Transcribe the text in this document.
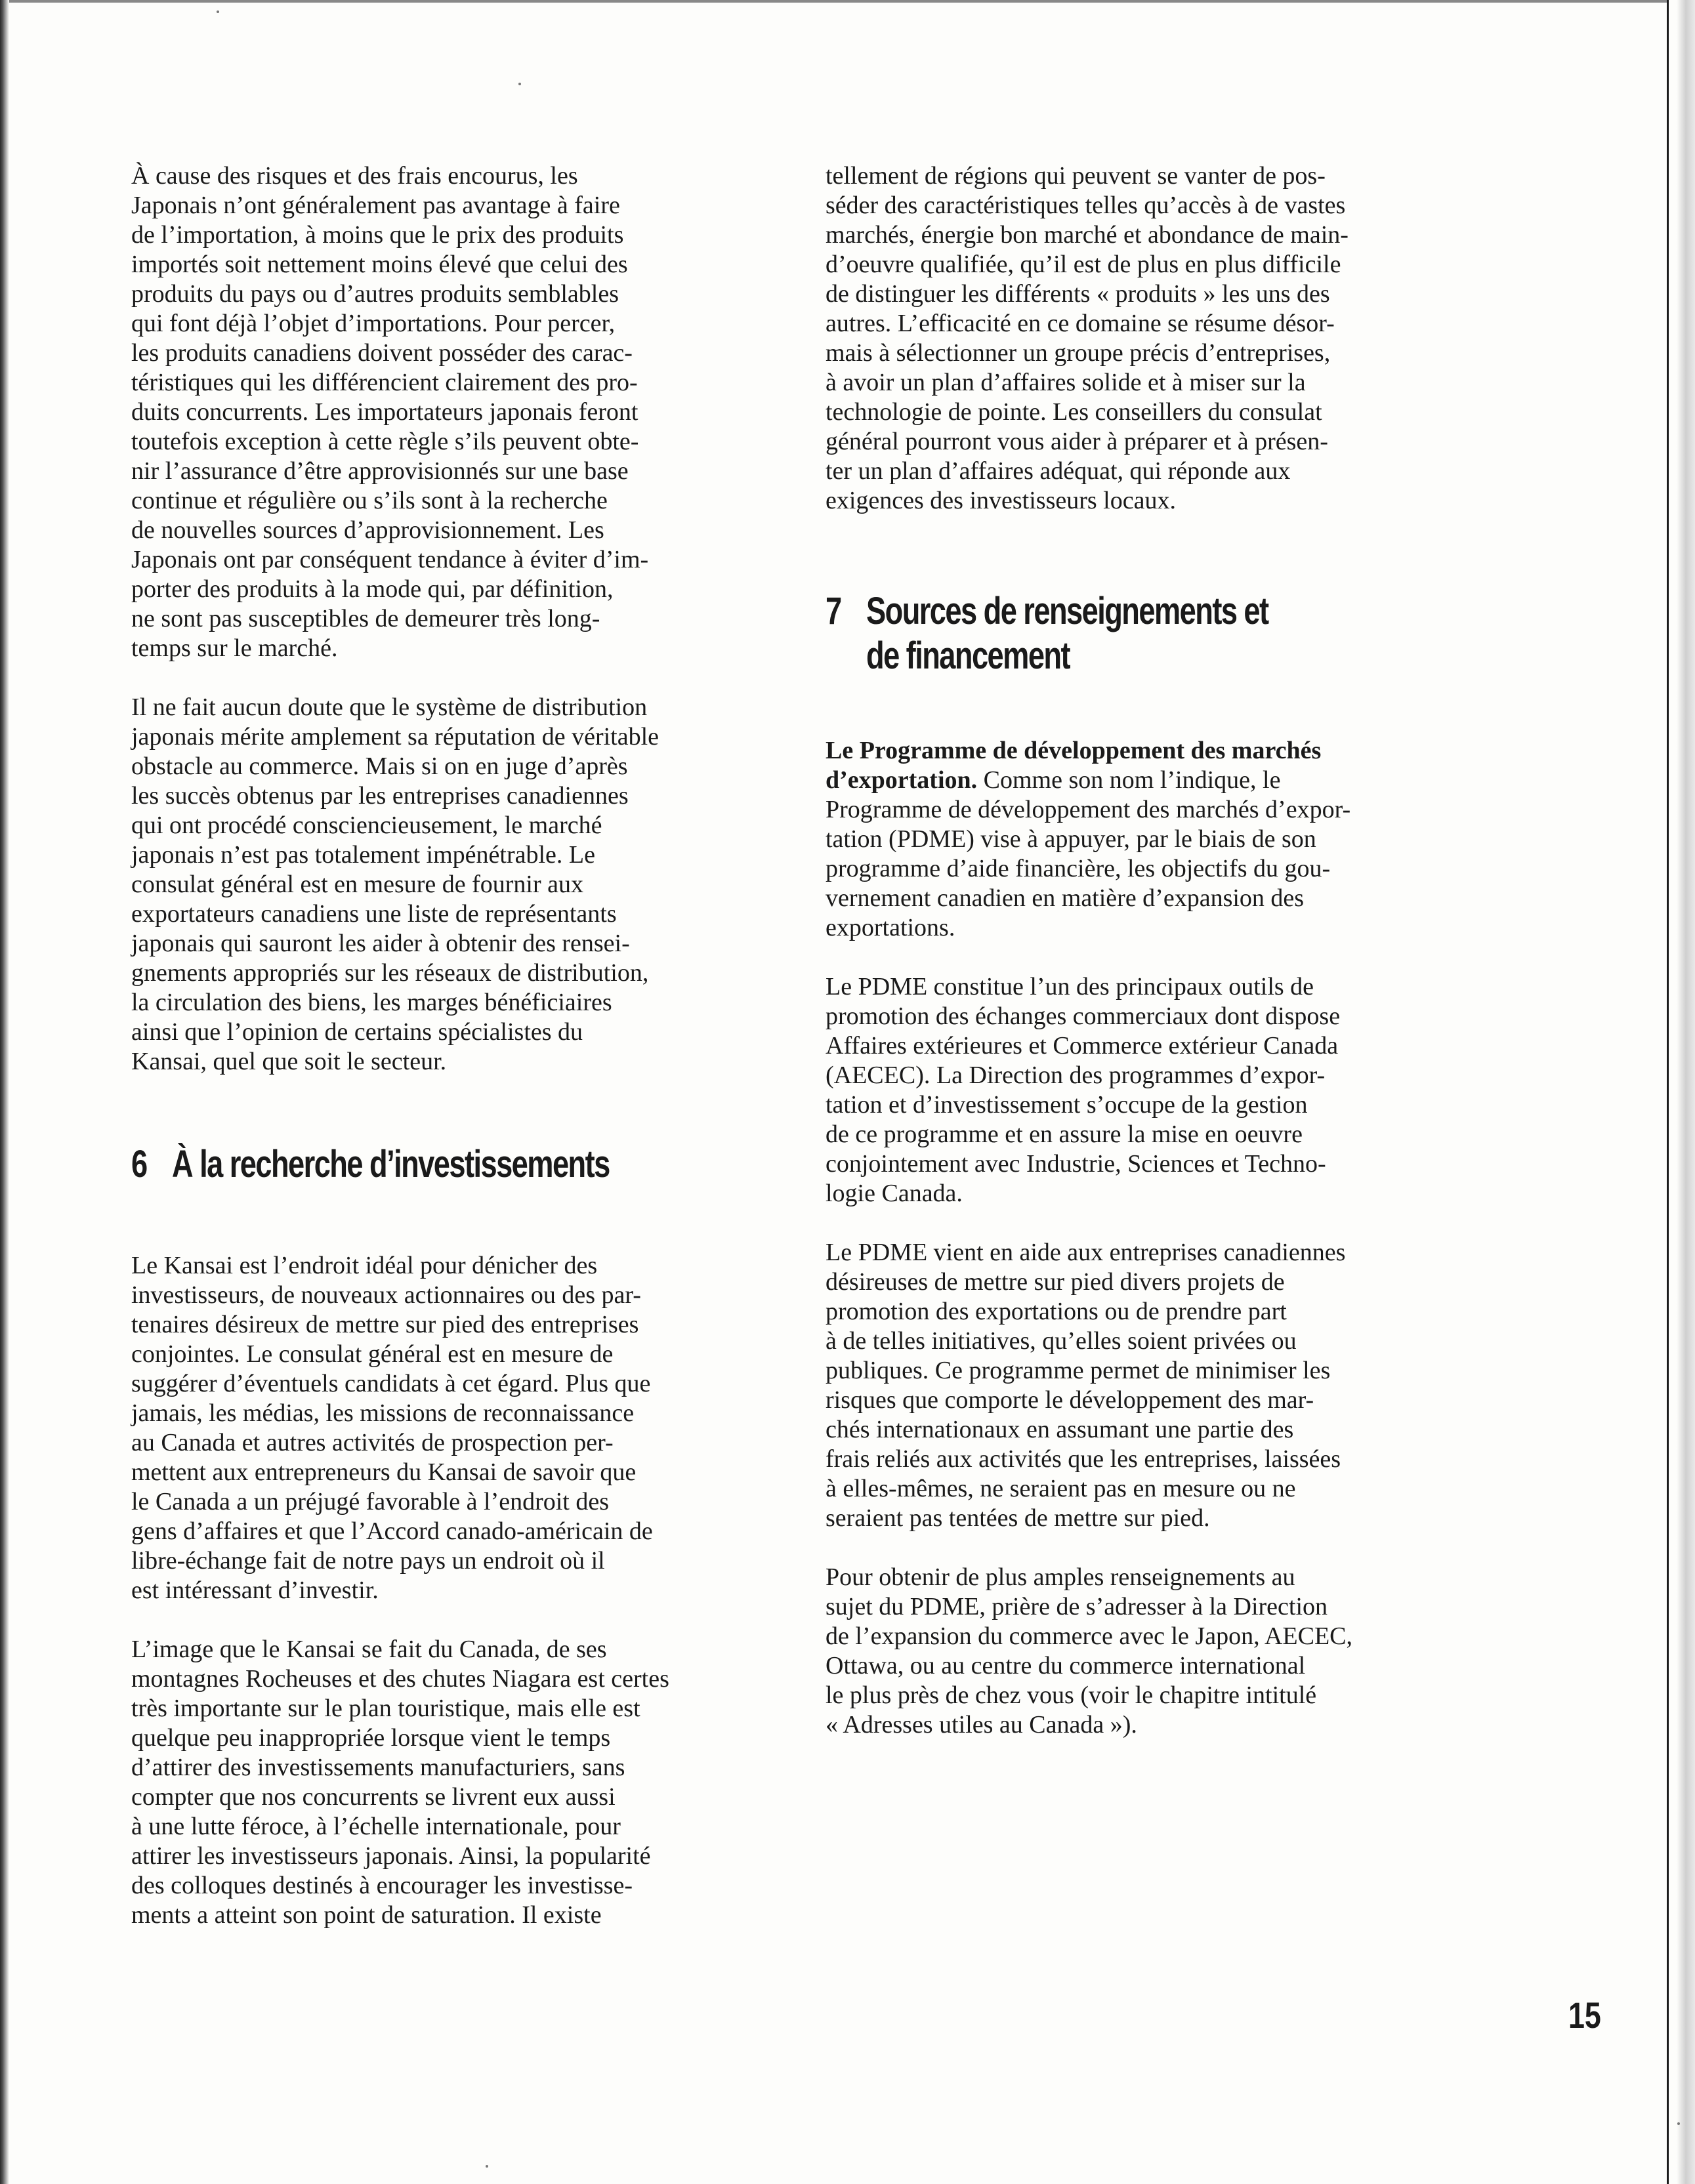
À cause des risques et des frais encourus, les
Japonais n’ont généralement pas avantage à faire
de l’importation, à moins que le prix des produits
importés soit nettement moins élevé que celui des
produits du pays ou d’autres produits semblables
qui font déjà l’objet d’importations. Pour percer,
les produits canadiens doivent posséder des carac-
téristiques qui les différencient clairement des pro-
duits concurrents. Les importateurs japonais feront
toutefois exception à cette règle s’ils peuvent obte-
nir l’assurance d’être approvisionnés sur une base
continue et régulière ou s’ils sont à la recherche
de nouvelles sources d’approvisionnement. Les
Japonais ont par conséquent tendance à éviter d’im-
porter des produits à la mode qui, par définition,
ne sont pas susceptibles de demeurer très long-
temps sur le marché.

Il ne fait aucun doute que le système de distribution
japonais mérite amplement sa réputation de véritable
obstacle au commerce. Mais si on en juge d’après
les succès obtenus par les entreprises canadiennes
qui ont procédé consciencieusement, le marché
japonais n’est pas totalement impénétrable. Le
consulat général est en mesure de fournir aux
exportateurs canadiens une liste de représentants
japonais qui sauront les aider à obtenir des rensei-
gnements appropriés sur les réseaux de distribution,
la circulation des biens, les marges bénéficiaires
ainsi que l’opinion de certains spécialistes du
Kansai, quel que soit le secteur.

6 À la recherche d’investissements

Le Kansai est l’endroit idéal pour dénicher des
investisseurs, de nouveaux actionnaires ou des par-
tenaires désireux de mettre sur pied des entreprises
conjointes. Le consulat général est en mesure de
suggérer d’éventuels candidats à cet égard. Plus que
jamais, les médias, les missions de reconnaissance
au Canada et autres activités de prospection per-
mettent aux entrepreneurs du Kansai de savoir que
le Canada a un préjugé favorable à l’endroit des
gens d’affaires et que l’Accord canado-américain de
libre-échange fait de notre pays un endroit où il
est intéressant d’investir.

L’image que le Kansai se fait du Canada, de ses
montagnes Rocheuses et des chutes Niagara est certes
très importante sur le plan touristique, mais elle est
quelque peu inappropriée lorsque vient le temps
d’attirer des investissements manufacturiers, sans
compter que nos concurrents se livrent eux aussi
à une lutte féroce, à l’échelle internationale, pour
attirer les investisseurs japonais. Ainsi, la popularité
des colloques destinés à encourager les investisse-
ments a atteint son point de saturation. Il existe

tellement de régions qui peuvent se vanter de pos-
séder des caractéristiques telles qu’accès à de vastes
marchés, énergie bon marché et abondance de main-
d’oeuvre qualifiée, qu’il est de plus en plus difficile
de distinguer les différents « produits » les uns des
autres. L’efficacité en ce domaine se résume désor-
mais à sélectionner un groupe précis d’entreprises,
à avoir un plan d’affaires solide et à miser sur la
technologie de pointe. Les conseillers du consulat
général pourront vous aider à préparer et à présen-
ter un plan d’affaires adéquat, qui réponde aux
exigences des investisseurs locaux.

7 Sources de renseignements et
de financement

Le Programme de développement des marchés
d’exportation. Comme son nom l’indique, le
Programme de développement des marchés d’expor-
tation (PDME) vise à appuyer, par le biais de son
programme d’aide financière, les objectifs du gou-
vernement canadien en matière d’expansion des
exportations.

Le PDME constitue l’un des principaux outils de
promotion des échanges commerciaux dont dispose
Affaires extérieures et Commerce extérieur Canada
(AECEC). La Direction des programmes d’expor-
tation et d’investissement s’occupe de la gestion
de ce programme et en assure la mise en oeuvre
conjointement avec Industrie, Sciences et Techno-
logie Canada.

Le PDME vient en aide aux entreprises canadiennes
désireuses de mettre sur pied divers projets de
promotion des exportations ou de prendre part
à de telles initiatives, qu’elles soient privées ou
publiques. Ce programme permet de minimiser les
risques que comporte le développement des mar-
chés internationaux en assumant une partie des
frais reliés aux activités que les entreprises, laissées
à elles-mêmes, ne seraient pas en mesure ou ne
seraient pas tentées de mettre sur pied.

Pour obtenir de plus amples renseignements au
sujet du PDME, prière de s’adresser à la Direction
de l’expansion du commerce avec le Japon, AECEC,
Ottawa, ou au centre du commerce international
le plus près de chez vous (voir le chapitre intitulé
« Adresses utiles au Canada »).

15
